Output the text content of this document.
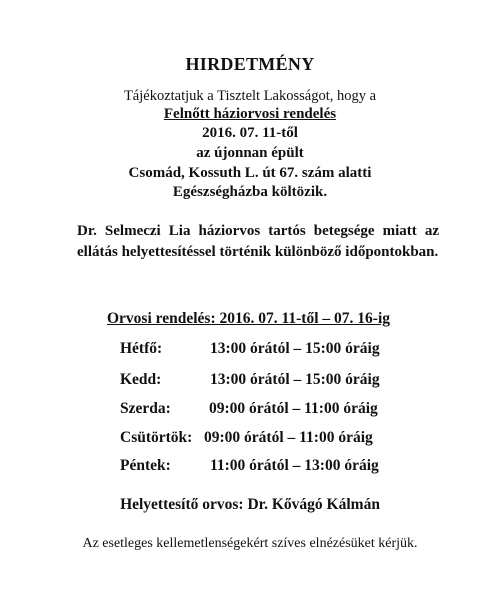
HIRDETMÉNY
Tájékoztatjuk a Tisztelt Lakosságot, hogy a
Felnőtt háziorvosi rendelés
2016. 07. 11-től
az újonnan épült
Csomád, Kossuth L. út 67. szám alatti
Egészségházba költözik.
Dr. Selmeczi Lia háziorvos tartós betegsége miatt az ellátás helyettesítéssel történik különböző időpontokban.
Orvosi rendelés: 2016. 07. 11-től – 07. 16-ig
Hétfő:	13:00 órától – 15:00 óráig
Kedd:	13:00 órától – 15:00 óráig
Szerda: 09:00 órától – 11:00 óráig
Csütörtök: 09:00 órától – 11:00 óráig
Péntek:	11:00 órától – 13:00 óráig
Helyettesítő orvos: Dr. Kővágó Kálmán
Az esetleges kellemetlenségekért szíves elnézésüket kérjük.
